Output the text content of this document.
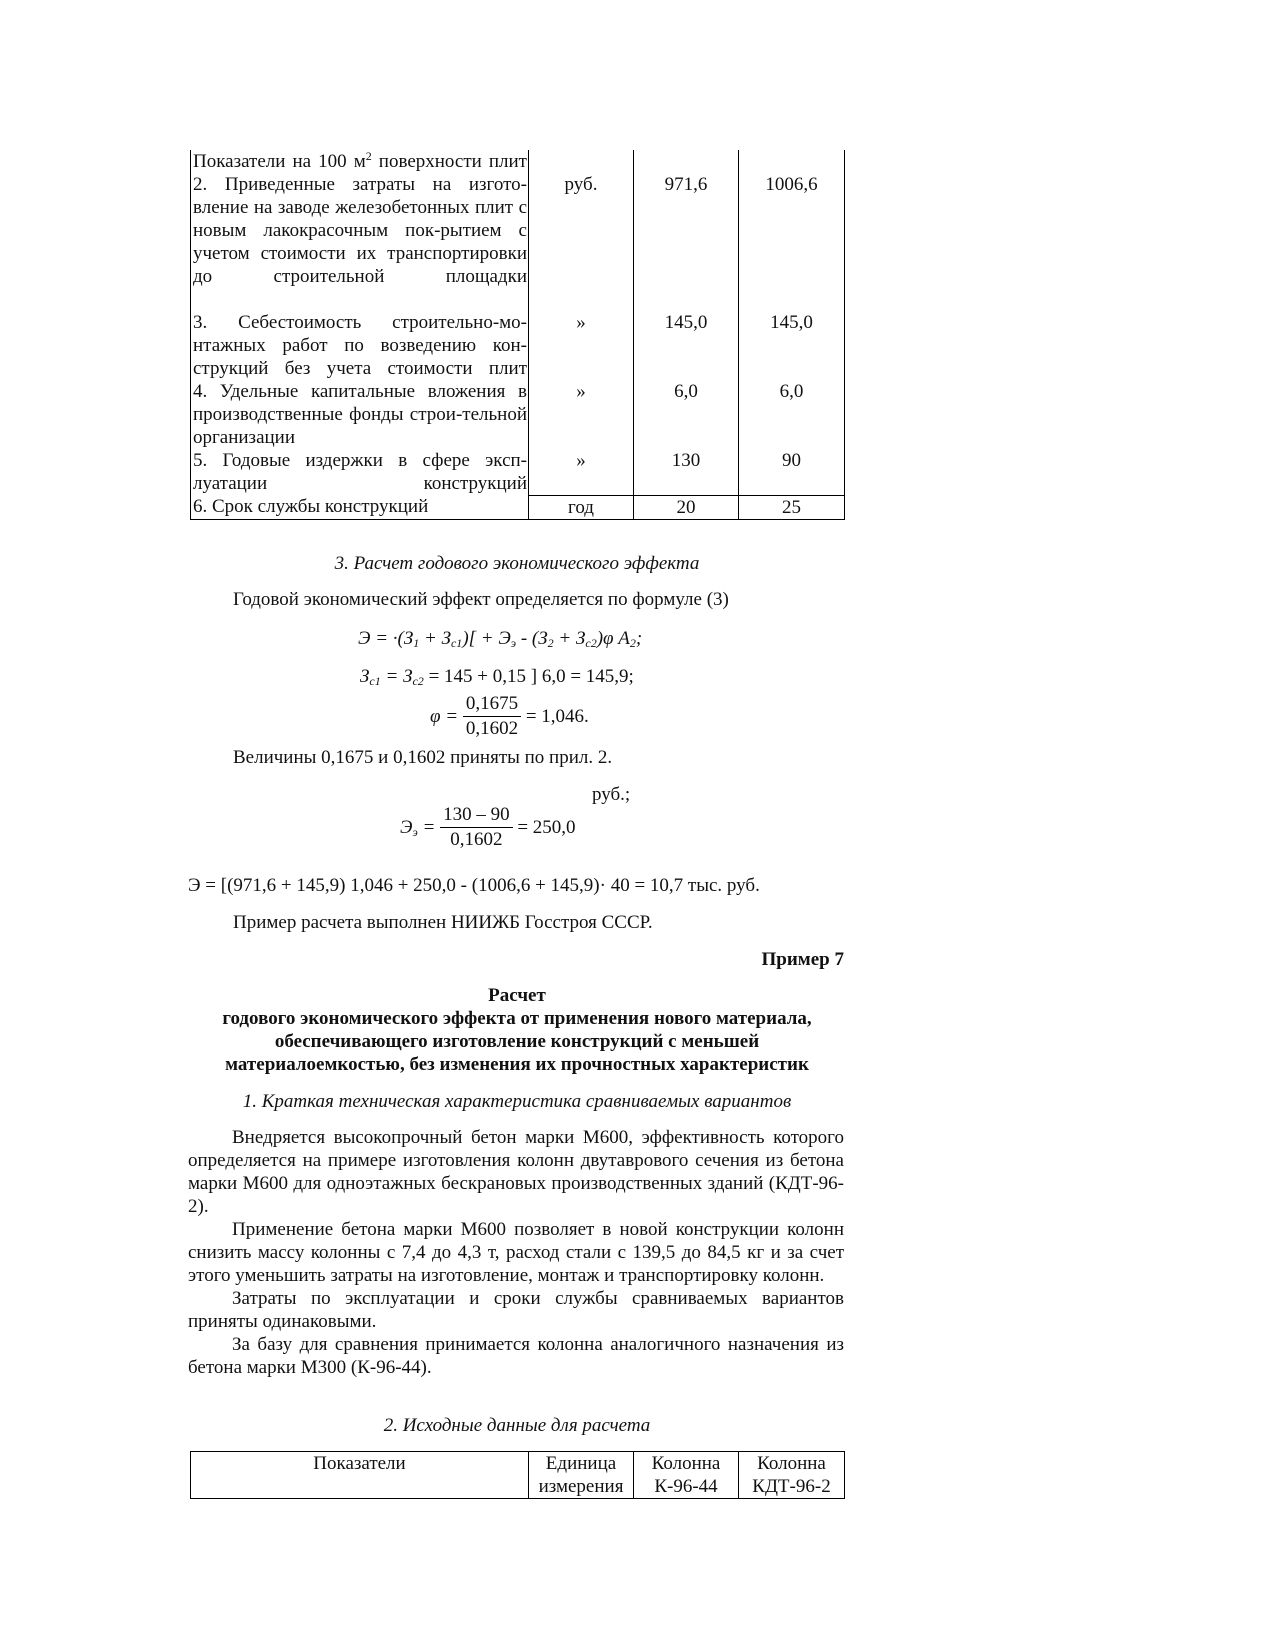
Показатели на 100 $м^2$ поверхности плит			
2. Приведенные затраты на изгото-вление на заводе железобетонных плит с новым лакокрасочным пок-рытием с учетом стоимости их транспортировки до строительной площадки	руб.	971,6	1006,6
3. Себестоимость строительно-мо-нтажных работ по возведению кон-струкций без учета стоимости плит	»	145,0	145,0
4. Удельные капитальные вложения в производственные фонды строи-тельной организации	»	6,0	6,0
5. Годовые издержки в сфере эксп-луатации конструкций	»	130	90
6. Срок службы конструкций	год	20	25
3. Расчет годового экономического эффекта
Годовой экономический эффект определяется по формуле (3)
$Э = \cdot(З_1 + З_{с1})[ + Э_э - (З_2 + З_{с2})\varphi$ $А_2$;
$З_{с1} = З_{с2} = 145 + 0,15$ ] 6,0 = 145,9;
$\varphi = \frac{0,1675}{0,1602} = 1,046$.
Величины 0,1675 и 0,1602 приняты по прил. 2.
руб.;
$Э_э = \frac{130 - 90}{0,1602} = 250,0$
Э = [(971,6 + 145,9) 1,046 + 250,0 - (1006,6 + 145,9)· 40 = 10,7 тыс. руб.
Пример расчета выполнен НИИЖБ Госстроя СССР.
Пример 7
Расчет
годового экономического эффекта от применения нового материала,
обеспечивающего изготовление конструкций с меньшей
материалоемкостью, без изменения их прочностных характеристик
1. Краткая техническая характеристика сравниваемых вариантов
Внедряется высокопрочный бетон марки М600, эффективность которого определяется на примере изготовления колонн двутаврового сечения из бетона марки М600 для одноэтажных бескрановых производственных зданий (КДТ-96-2).
Применение бетона марки М600 позволяет в новой конструкции колонн снизить массу колонны с 7,4 до 4,3 т, расход стали с 139,5 до 84,5 кг и за счет этого уменьшить затраты на изготовление, монтаж и транспортировку колонн.
Затраты по эксплуатации и сроки службы сравниваемых вариантов приняты одинаковыми.
За базу для сравнения принимается колонна аналогичного назначения из бетона марки М300 (К-96-44).
2. Исходные данные для расчета
Показатели	Единица измерения	Колонна К-96-44	Колонна КДТ-96-2
